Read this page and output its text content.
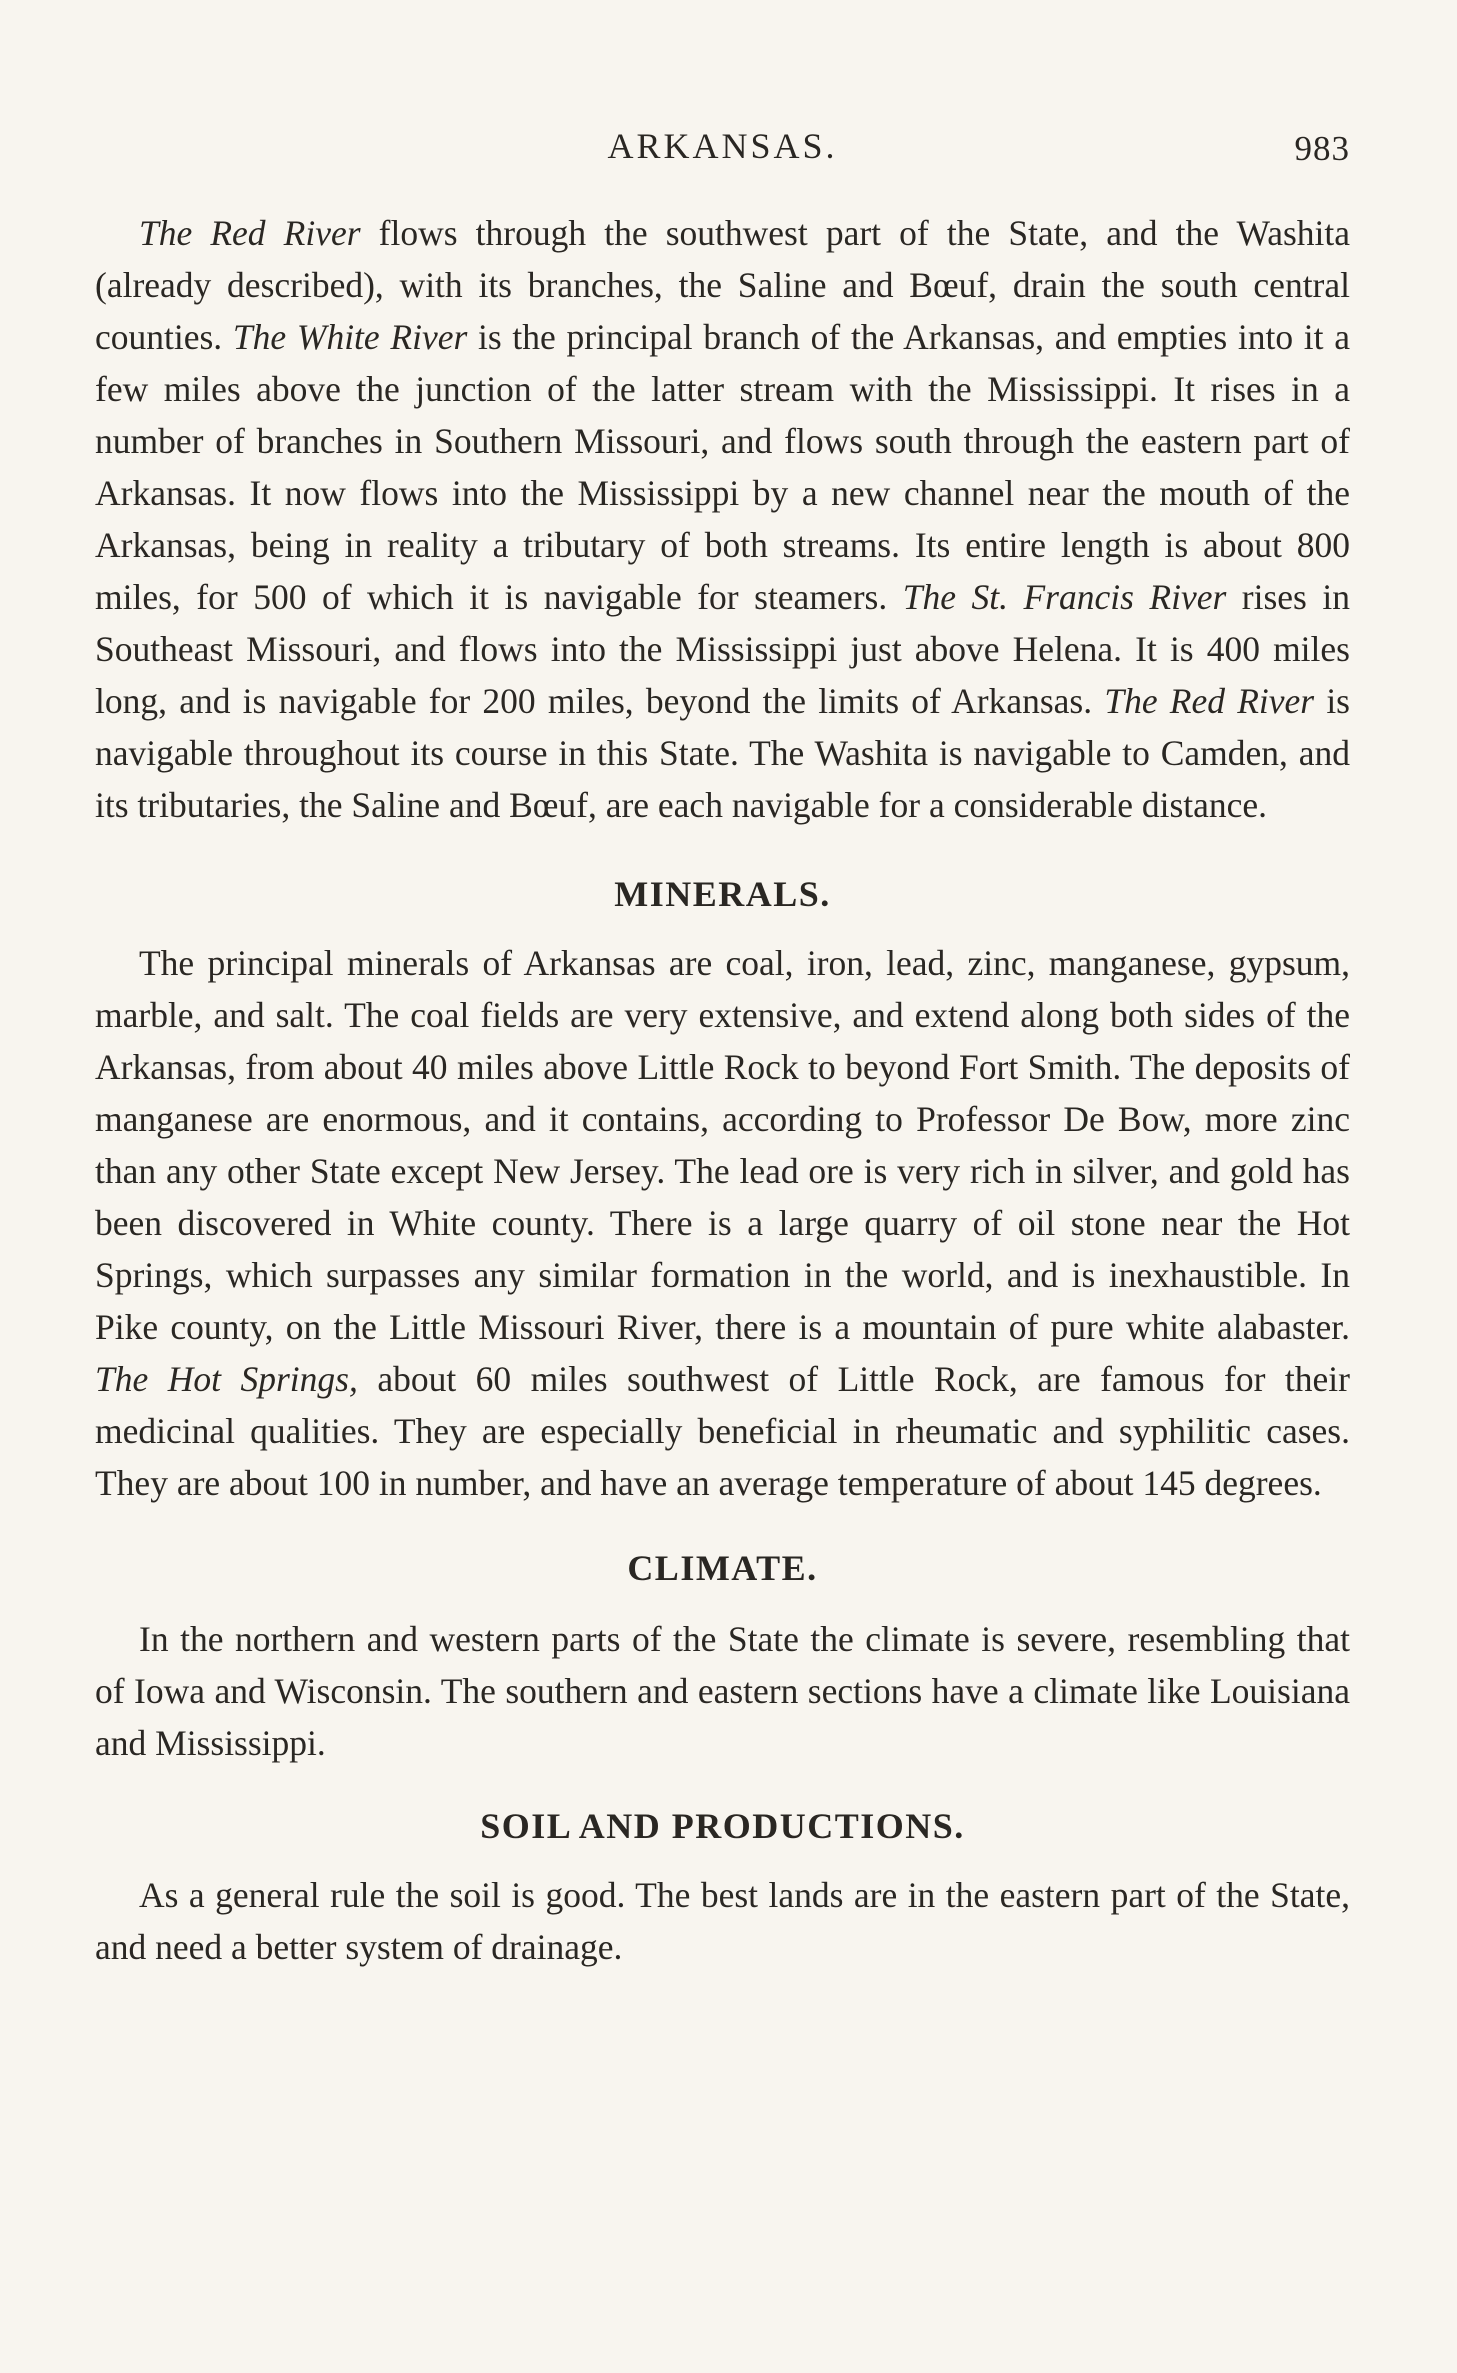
ARKANSAS.	983

The Red River flows through the southwest part of the State, and the Washita (already described), with its branches, the Saline and Bœuf, drain the south central counties. The White River is the principal branch of the Arkansas, and empties into it a few miles above the junction of the latter stream with the Mississippi. It rises in a number of branches in Southern Missouri, and flows south through the eastern part of Arkansas. It now flows into the Mississippi by a new channel near the mouth of the Arkansas, being in reality a tributary of both streams. Its entire length is about 800 miles, for 500 of which it is navigable for steamers. The St. Francis River rises in Southeast Missouri, and flows into the Mississippi just above Helena. It is 400 miles long, and is navigable for 200 miles, beyond the limits of Arkansas. The Red River is navigable throughout its course in this State. The Washita is navigable to Camden, and its tributaries, the Saline and Bœuf, are each navigable for a considerable distance.

MINERALS.

The principal minerals of Arkansas are coal, iron, lead, zinc, manganese, gypsum, marble, and salt. The coal fields are very extensive, and extend along both sides of the Arkansas, from about 40 miles above Little Rock to beyond Fort Smith. The deposits of manganese are enormous, and it contains, according to Professor De Bow, more zinc than any other State except New Jersey. The lead ore is very rich in silver, and gold has been discovered in White county. There is a large quarry of oil stone near the Hot Springs, which surpasses any similar formation in the world, and is inexhaustible. In Pike county, on the Little Missouri River, there is a mountain of pure white alabaster. The Hot Springs, about 60 miles southwest of Little Rock, are famous for their medicinal qualities. They are especially beneficial in rheumatic and syphilitic cases. They are about 100 in number, and have an average temperature of about 145 degrees.

CLIMATE.

In the northern and western parts of the State the climate is severe, resembling that of Iowa and Wisconsin. The southern and eastern sections have a climate like Louisiana and Mississippi.

SOIL AND PRODUCTIONS.

As a general rule the soil is good. The best lands are in the eastern part of the State, and need a better system of drainage.
